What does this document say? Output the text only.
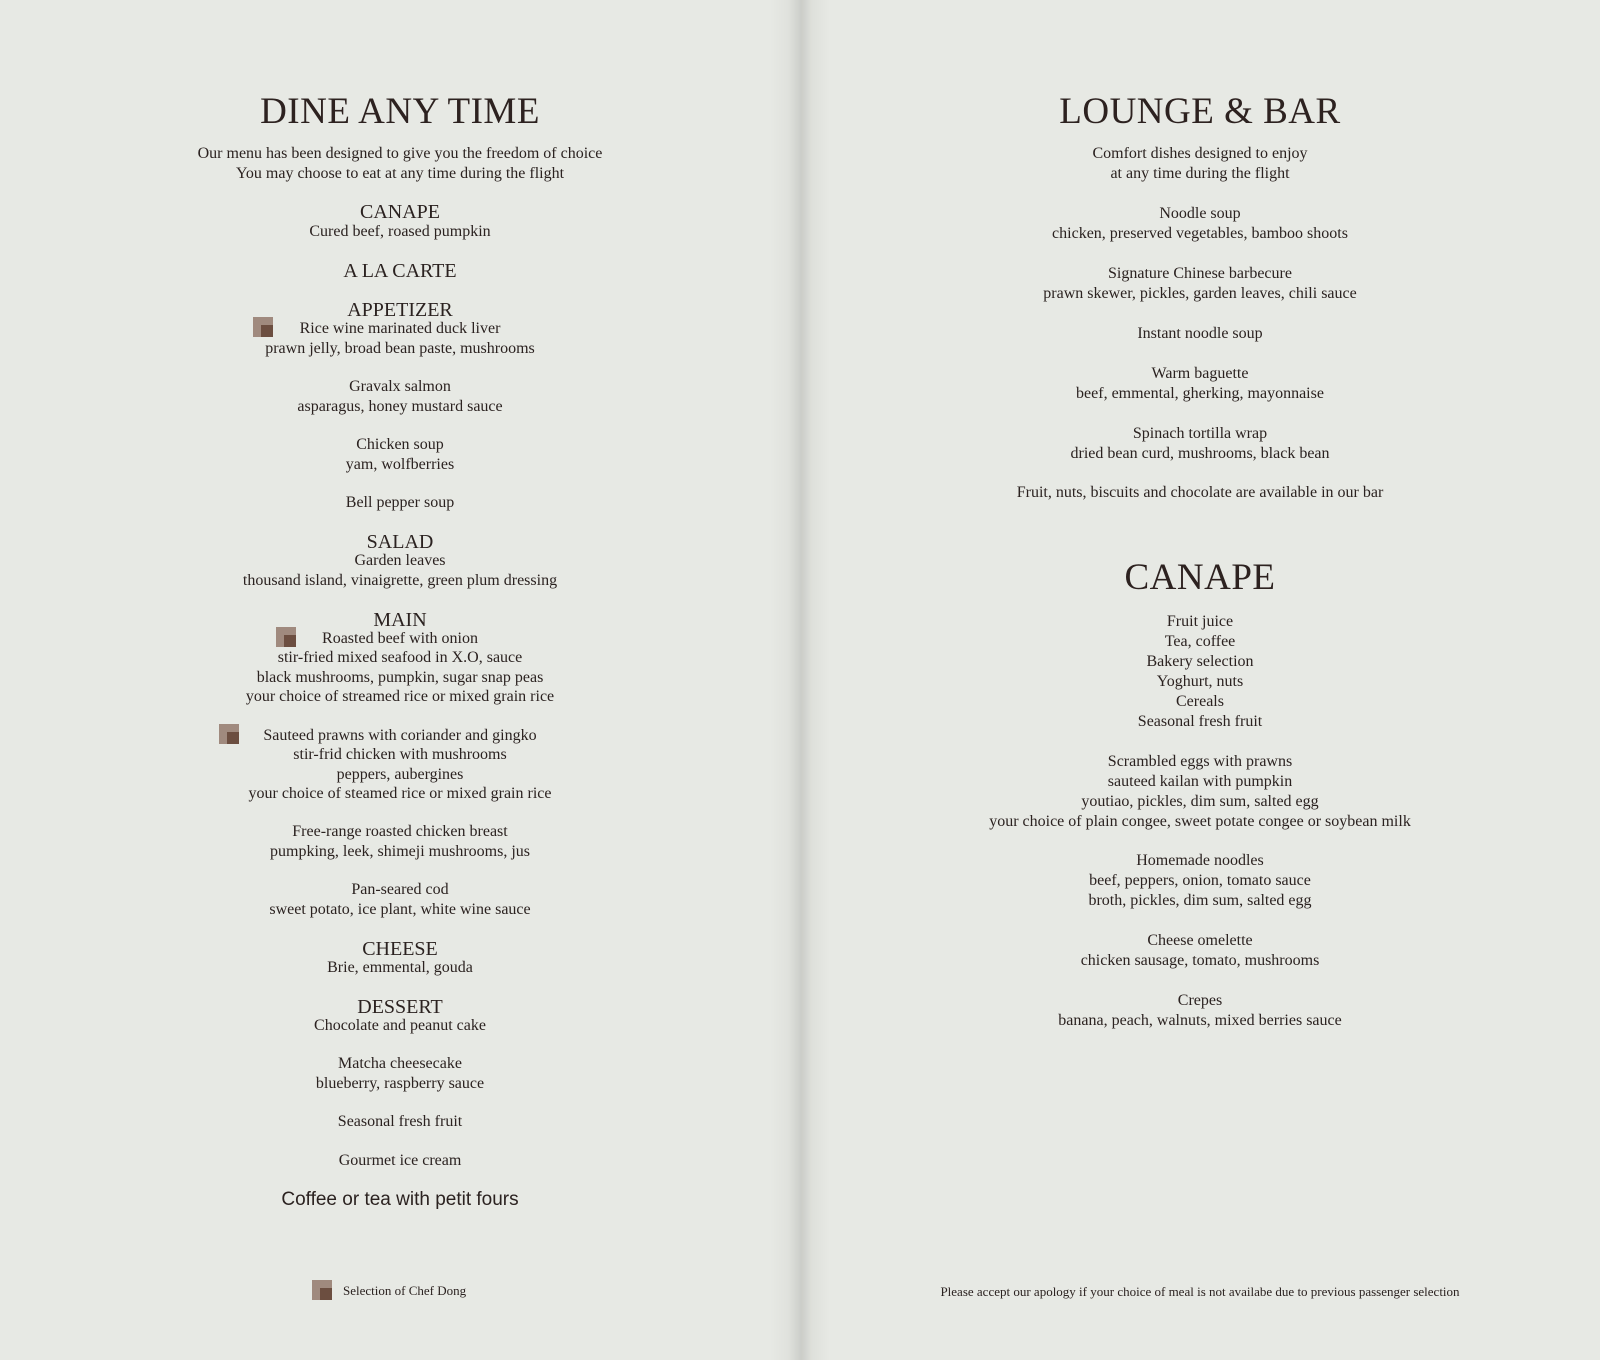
DINE ANY TIME
Our menu has been designed to give you the freedom of choice
You may choose to eat at any time during the flight
CANAPE
Cured beef, roased pumpkin
A LA CARTE
APPETIZER
Rice wine marinated duck liver
prawn jelly, broad bean paste, mushrooms
Gravalx salmon
asparagus, honey mustard sauce
Chicken soup
yam, wolfberries
Bell pepper soup
SALAD
Garden leaves
thousand island, vinaigrette, green plum dressing
MAIN
Roasted beef with onion
stir-fried mixed seafood in X.O, sauce
black mushrooms, pumpkin, sugar snap peas
your choice of streamed rice or mixed grain rice
Sauteed prawns with coriander and gingko
stir-frid chicken with mushrooms
peppers, aubergines
your choice of steamed rice or mixed grain rice
Free-range roasted chicken breast
pumpking, leek, shimeji mushrooms, jus
Pan-seared cod
sweet potato, ice plant, white wine sauce
CHEESE
Brie, emmental, gouda
DESSERT
Chocolate and peanut cake
Matcha cheesecake
blueberry, raspberry sauce
Seasonal fresh fruit
Gourmet ice cream
Coffee or tea with petit fours
Selection of Chef Dong
LOUNGE & BAR
Comfort dishes designed to enjoy
at any time during the flight
Noodle soup
chicken, preserved vegetables, bamboo shoots
Signature Chinese barbecure
prawn skewer, pickles, garden leaves, chili sauce
Instant noodle soup
Warm baguette
beef, emmental, gherking, mayonnaise
Spinach tortilla wrap
dried bean curd, mushrooms, black bean
Fruit, nuts, biscuits and chocolate are available in our bar
CANAPE
Fruit juice
Tea, coffee
Bakery selection
Yoghurt, nuts
Cereals
Seasonal fresh fruit
Scrambled eggs with prawns
sauteed kailan with pumpkin
youtiao, pickles, dim sum, salted egg
your choice of plain congee, sweet potate congee or soybean milk
Homemade noodles
beef, peppers, onion, tomato sauce
broth, pickles, dim sum, salted egg
Cheese omelette
chicken sausage, tomato, mushrooms
Crepes
banana, peach, walnuts, mixed berries sauce
Please accept our apology if your choice of meal is not availabe due to previous passenger selection
